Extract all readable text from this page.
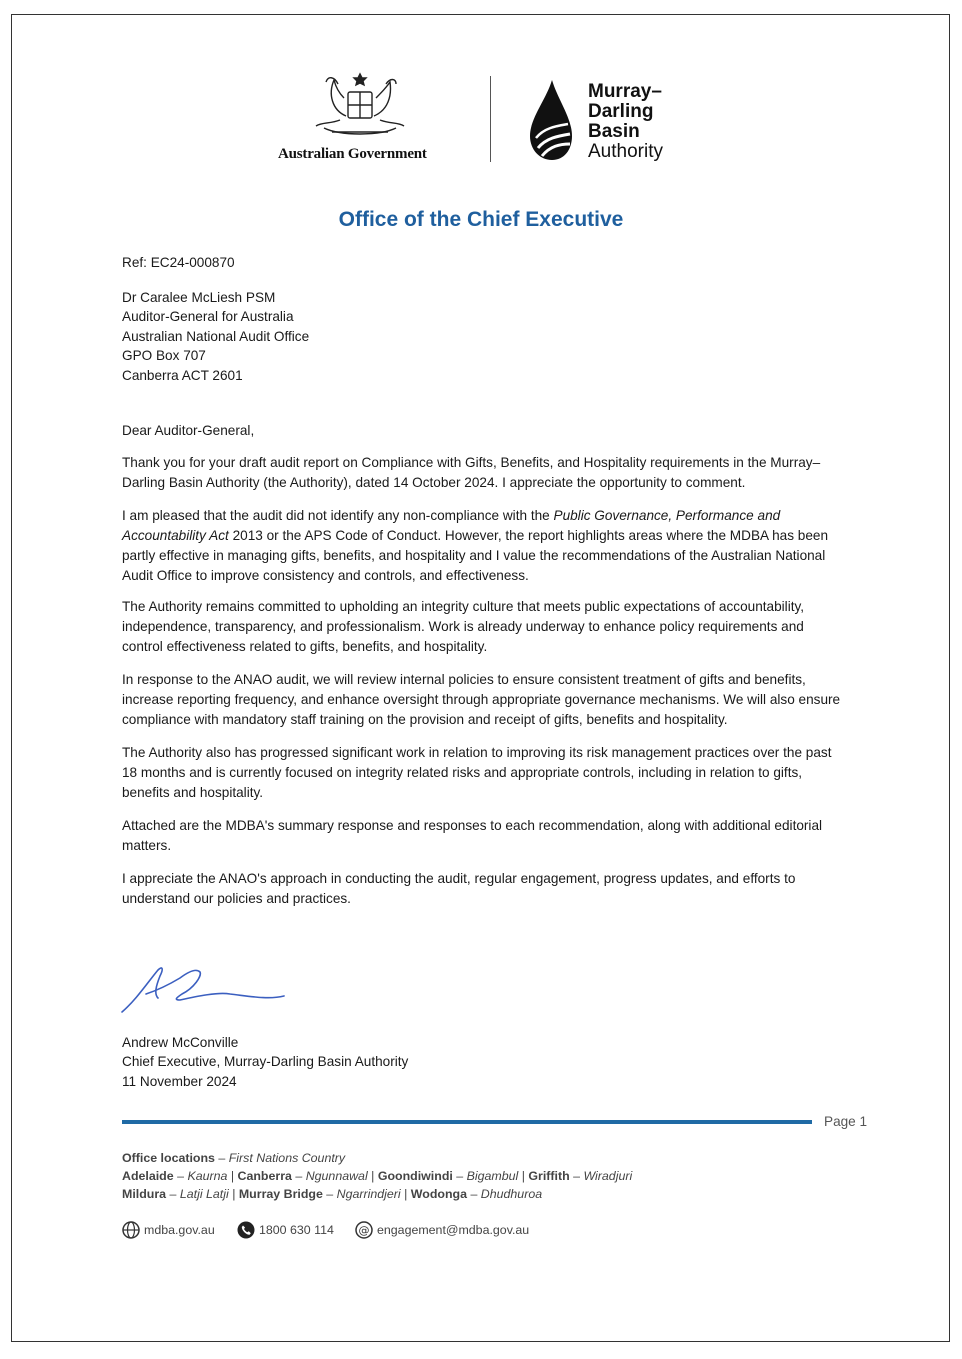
Australian Government
Murray–
Darling
Basin
Authority
Office of the Chief Executive
Ref: EC24-000870

Dr Caralee McLiesh PSM

Auditor-General for Australia

Australian National Audit Office

GPO Box 707

Canberra ACT 2601

Dear Auditor-General,

Thank you for your draft audit report on Compliance with Gifts, Benefits, and Hospitality requirements in the Murray–Darling Basin Authority (the Authority), dated 14 October 2024. I appreciate the opportunity to comment.

I am pleased that the audit did not identify any non-compliance with the Public Governance, Performance and Accountability Act 2013 or the APS Code of Conduct. However, the report highlights areas where the MDBA has been partly effective in managing gifts, benefits, and hospitality and I value the recommendations of the Australian National Audit Office to improve consistency and controls, and effectiveness.

The Authority remains committed to upholding an integrity culture that meets public expectations of accountability, independence, transparency, and professionalism. Work is already underway to enhance policy requirements and control effectiveness related to gifts, benefits, and hospitality.

In response to the ANAO audit, we will review internal policies to ensure consistent treatment of gifts and benefits, increase reporting frequency, and enhance oversight through appropriate governance mechanisms. We will also ensure compliance with mandatory staff training on the provision and receipt of gifts, benefits and hospitality.

The Authority also has progressed significant work in relation to improving its risk management practices over the past 18 months and is currently focused on integrity related risks and appropriate controls, including in relation to gifts, benefits and hospitality.

Attached are the MDBA's summary response and responses to each recommendation, along with additional editorial matters.

I appreciate the ANAO's approach in conducting the audit, regular engagement, progress updates, and efforts to understand our policies and practices.

Andrew McConville
Chief Executive, Murray-Darling Basin Authority
11 November 2024
Page 1
Office locations – First Nations Country
Adelaide – Kaurna | Canberra – Ngunnawal | Goondiwindi – Bigambul | Griffith – Wiradjuri
Mildura – Latji Latji | Murray Bridge – Ngarrindjeri | Wodonga – Dhudhuroa
mdba.gov.au	1800 630 114 @ engagement@mdba.gov.au
